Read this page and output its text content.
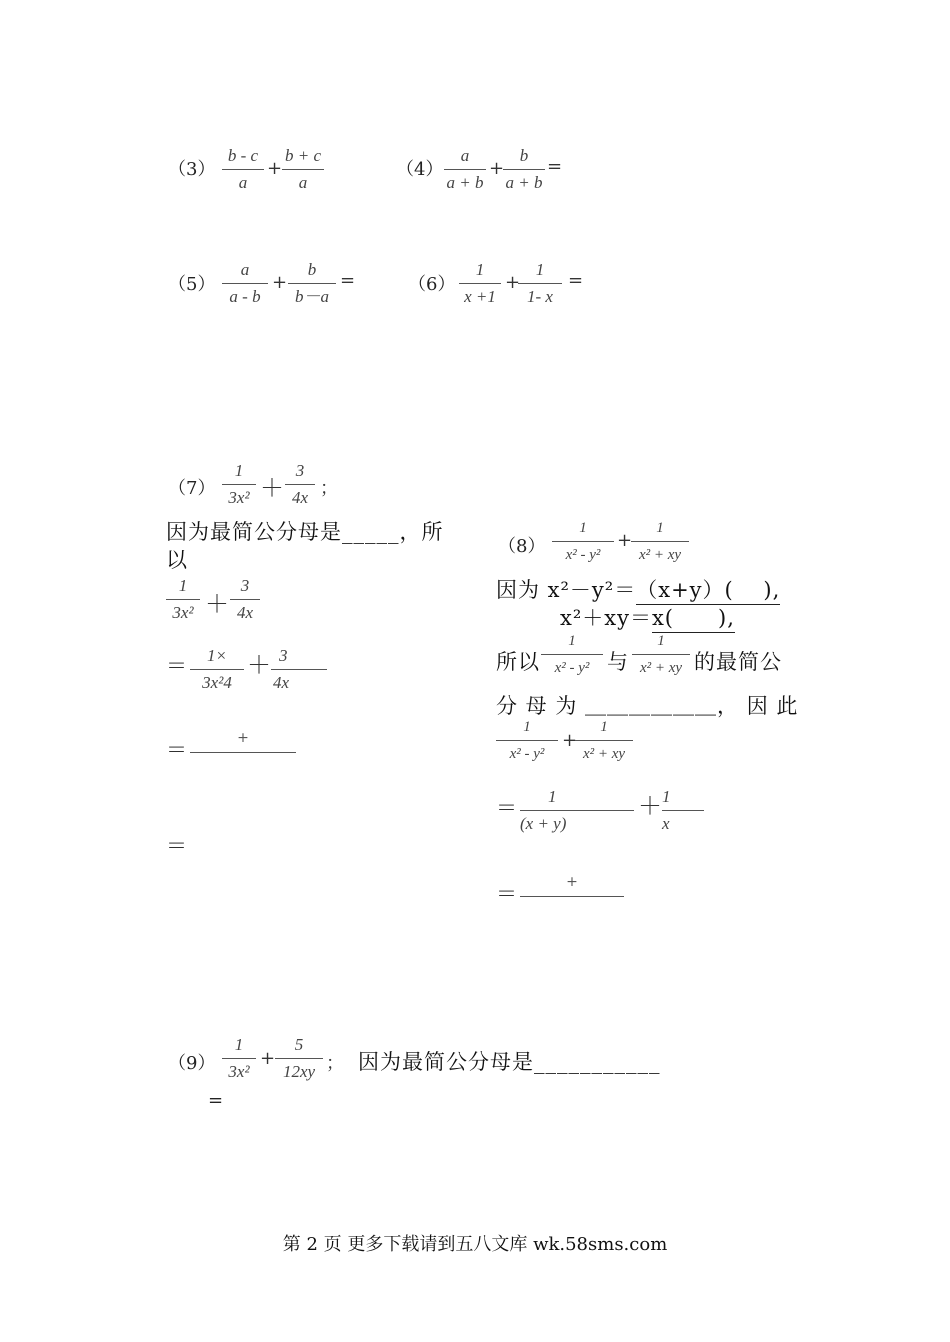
（3）
b - c
a
+
b + c
a
（4）
a
a + b
+
b
a + b
=
（5）
a
a - b
+
b
b－a
=	（6）
1
x +1
+
1
1- x
=
（7）
1
3x² ＋
3
4x ；
因为最简公分母是_____，所
以
1
3x² ＋
3
4x
＝	1×
3x²4
＋ 3
4x
＝	+
＝
（8）
1
x² - y²
+
1
x² + xy
因为 x²－y²＝（x+y）(　 ),
x²＋xy＝x(　　),
所以
1
x² - y² 与
1
x² + xy 的最简公
分 母 为 ＿＿＿＿＿＿， 因 此
1
x² - y²
+
1
x² + xy
＝	1
(x + y)
＋ 1
x
＝	+
（9）
1
3x²
+
5
12xy ； 因为最简公分母是___________
=
第 2 页 更多下载请到五八文库 wk.58sms.com
